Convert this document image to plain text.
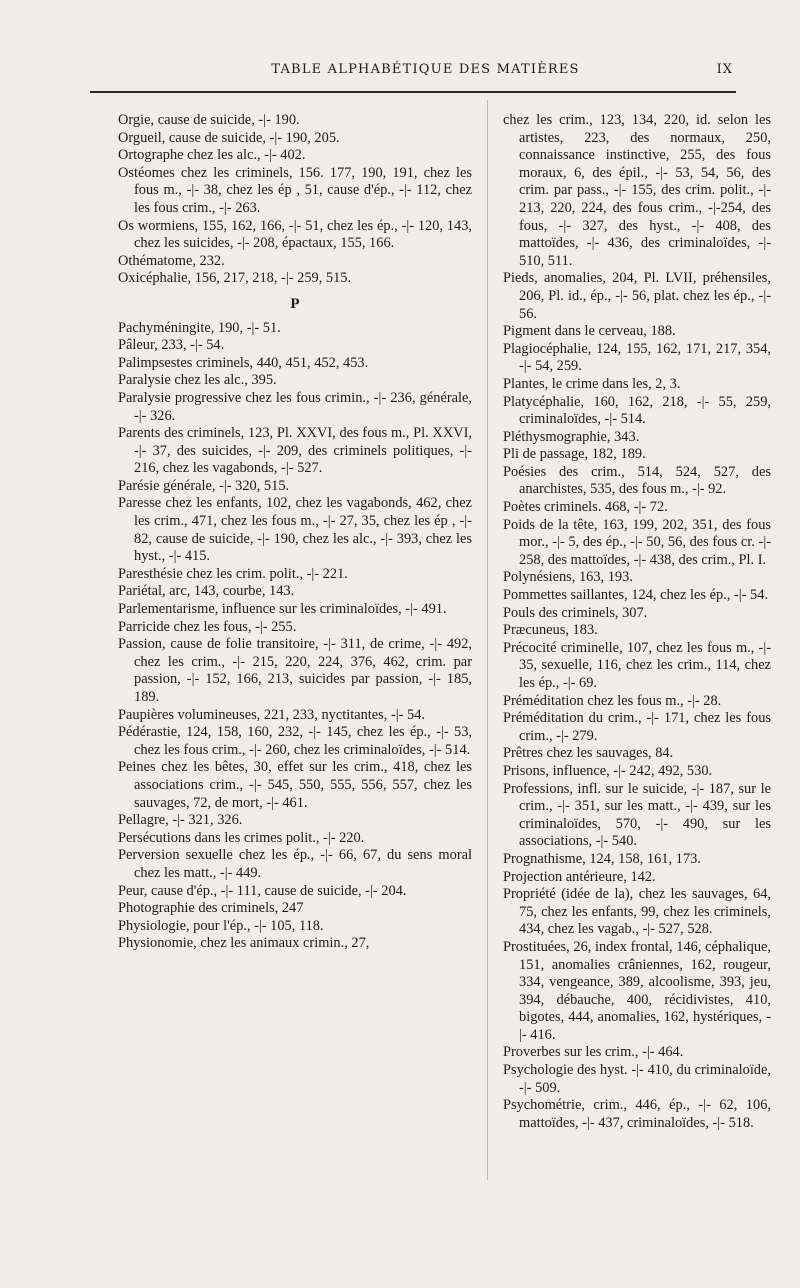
TABLE ALPHABÉTIQUE DES MATIÈRES	IX

Orgie, cause de suicide, -|- 190.

Orgueil, cause de suicide, -|- 190, 205.

Ortographe chez les alc., -|- 402.

Ostéomes chez les criminels, 156. 177, 190, 191, chez les fous m., -|- 38, chez les ép , 51, cause d'ép., -|- 112, chez les fous crim., -|- 263.

Os wormiens, 155, 162, 166, -|- 51, chez les ép., -|- 120, 143, chez les suicides, -|- 208, épactaux, 155, 166.

Othématome, 232.

Oxicéphalie, 156, 217, 218, -|- 259, 515.

P

Pachyméningite, 190, -|- 51.

Pâleur, 233, -|- 54.

Palimpsestes criminels, 440, 451, 452, 453.

Paralysie chez les alc., 395.

Paralysie progressive chez les fous crimin., -|- 236, générale, -|- 326.

Parents des criminels, 123, Pl. XXVI, des fous m., Pl. XXVI, -|- 37, des suicides, -|- 209, des criminels politiques, -|- 216, chez les vagabonds, -|- 527.

Parésie générale, -|- 320, 515.

Paresse chez les enfants, 102, chez les vagabonds, 462, chez les crim., 471, chez les fous m., -|- 27, 35, chez les ép , -|- 82, cause de suicide, -|- 190, chez les alc., -|- 393, chez les hyst., -|- 415.

Paresthésie chez les crim. polit., -|- 221.

Pariétal, arc, 143, courbe, 143.

Parlementarisme, influence sur les criminaloïdes, -|- 491.

Parricide chez les fous, -|- 255.

Passion, cause de folie transitoire, -|- 311, de crime, -|- 492, chez les crim., -|- 215, 220, 224, 376, 462, crim. par passion, -|- 152, 166, 213, suicides par passion, -|- 185, 189.

Paupières volumineuses, 221, 233, nyctitantes, -|- 54.

Pédérastie, 124, 158, 160, 232, -|- 145, chez les ép., -|- 53, chez les fous crim., -|- 260, chez les criminaloïdes, -|- 514.

Peines chez les bêtes, 30, effet sur les crim., 418, chez les associations crim., -|- 545, 550, 555, 556, 557, chez les sauvages, 72, de mort, -|- 461.

Pellagre, -|- 321, 326.

Persécutions dans les crimes polit., -|- 220.

Perversion sexuelle chez les ép., -|- 66, 67, du sens moral chez les matt., -|- 449.

Peur, cause d'ép., -|- 111, cause de suicide, -|- 204.

Photographie des criminels, 247

Physiologie, pour l'ép., -|- 105, 118.

Physionomie, chez les animaux crimin., 27,

chez les crim., 123, 134, 220, id. selon les artistes, 223, des normaux, 250, connaissance instinctive, 255, des fous moraux, 6, des épil., -|- 53, 54, 56, des crim. par pass., -|- 155, des crim. polit., -|- 213, 220, 224, des fous crim., -|-254, des fous, -|- 327, des hyst., -|- 408, des mattoïdes, -|- 436, des criminaloïdes, -|- 510, 511.

Pieds, anomalies, 204, Pl. LVII, préhensiles, 206, Pl. id., ép., -|- 56, plat. chez les ép., -|- 56.

Pigment dans le cerveau, 188.

Plagiocéphalie, 124, 155, 162, 171, 217, 354, -|- 54, 259.

Plantes, le crime dans les, 2, 3.

Platycéphalie, 160, 162, 218, -|- 55, 259, criminaloïdes, -|- 514.

Pléthysmographie, 343.

Pli de passage, 182, 189.

Poésies des crim., 514, 524, 527, des anarchistes, 535, des fous m., -|- 92.

Poètes criminels. 468, -|- 72.

Poids de la tête, 163, 199, 202, 351, des fous mor., -|- 5, des ép., -|- 50, 56, des fous cr. -|- 258, des mattoïdes, -|- 438, des crim., Pl. I.

Polynésiens, 163, 193.

Pommettes saillantes, 124, chez les ép., -|- 54.

Pouls des criminels, 307.

Præcuneus, 183.

Précocité criminelle, 107, chez les fous m., -|- 35, sexuelle, 116, chez les crim., 114, chez les ép., -|- 69.

Préméditation chez les fous m., -|- 28.

Préméditation du crim., -|- 171, chez les fous crim., -|- 279.

Prêtres chez les sauvages, 84.

Prisons, influence, -|- 242, 492, 530.

Professions, infl. sur le suicide, -|- 187, sur le crim., -|- 351, sur les matt., -|- 439, sur les criminaloïdes, 570, -|- 490, sur les associations, -|- 540.

Prognathisme, 124, 158, 161, 173.

Projection antérieure, 142.

Propriété (idée de la), chez les sauvages, 64, 75, chez les enfants, 99, chez les criminels, 434, chez les vagab., -|- 527, 528.

Prostituées, 26, index frontal, 146, céphalique, 151, anomalies crâniennes, 162, rougeur, 334, vengeance, 389, alcoolisme, 393, jeu, 394, débauche, 400, récidivistes, 410, bigotes, 444, anomalies, 162, hystériques, -|- 416.

Proverbes sur les crim., -|- 464.

Psychologie des hyst. -|- 410, du criminaloïde, -|- 509.

Psychométrie, crim., 446, ép., -|- 62, 106, mattoïdes, -|- 437, criminaloïdes, -|- 518.
